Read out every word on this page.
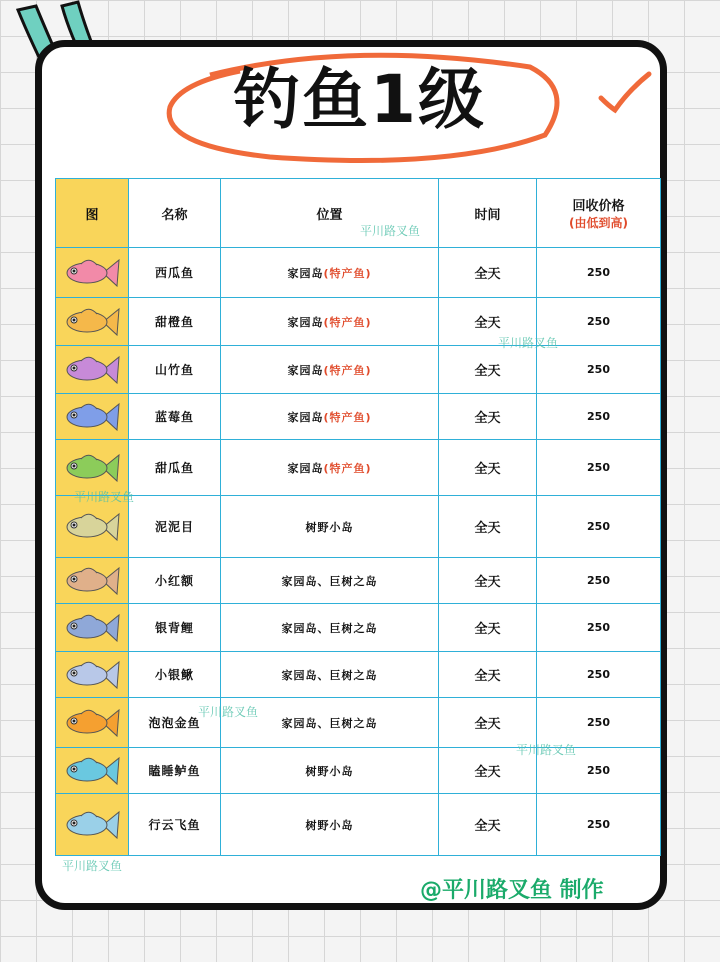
钓鱼1级
图	名称	位置	时间	回收价格
(由低到高)

	西瓜鱼	家园岛(特产鱼)	全天	250

	甜橙鱼	家园岛(特产鱼)	全天	250

	山竹鱼	家园岛(特产鱼)	全天	250

	蓝莓鱼	家园岛(特产鱼)	全天	250

	甜瓜鱼	家园岛(特产鱼)	全天	250

	泥泥目	树野小岛	全天	250

	小红额	家园岛、巨树之岛	全天	250

	银背鲤	家园岛、巨树之岛	全天	250

	小银鳅	家园岛、巨树之岛	全天	250

	泡泡金鱼	家园岛、巨树之岛	全天	250

	瞌睡鲈鱼	树野小岛	全天	250

	行云飞鱼	树野小岛	全天	250
平川路叉鱼
平川路叉鱼
平川路叉鱼
平川路叉鱼
平川路叉鱼
平川路叉鱼
@平川路叉鱼 制作
